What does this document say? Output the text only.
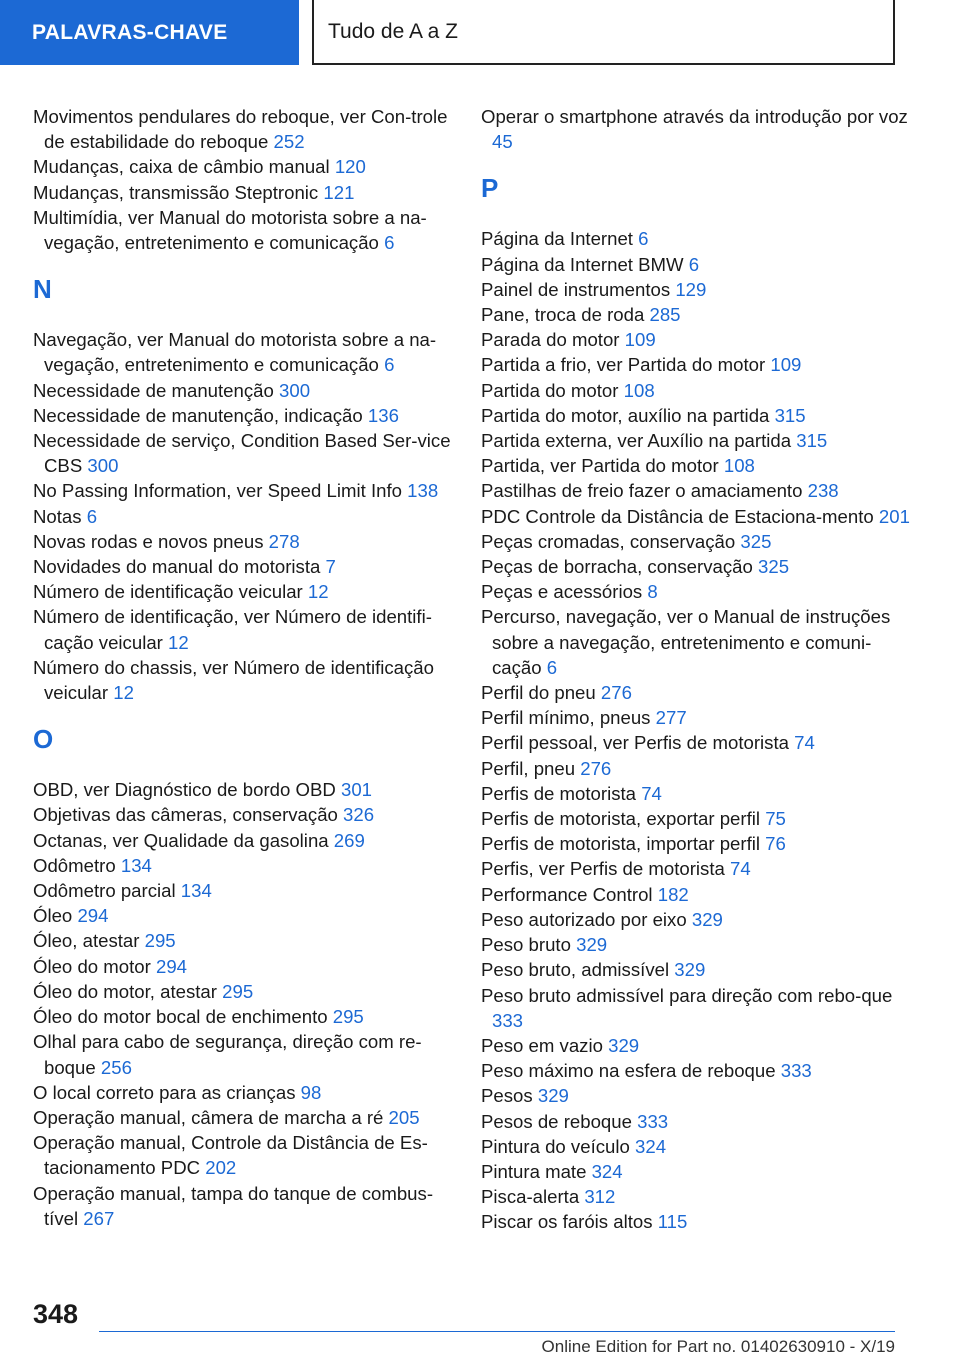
PALAVRAS-CHAVE	Tudo de A a Z
Movimentos pendulares do reboque, ver Con-trole de estabilidade do reboque 252
Mudanças, caixa de câmbio manual 120
Mudanças, transmissão Steptronic 121
Multimídia, ver Manual do motorista sobre a na-vegação, entretenimento e comunicação 6
N
Navegação, ver Manual do motorista sobre a na-vegação, entretenimento e comunicação 6
Necessidade de manutenção 300
Necessidade de manutenção, indicação 136
Necessidade de serviço, Condition Based Ser-vice CBS 300
No Passing Information, ver Speed Limit Info 138
Notas 6
Novas rodas e novos pneus 278
Novidades do manual do motorista 7
Número de identificação veicular 12
Número de identificação, ver Número de identifi-cação veicular 12
Número do chassis, ver Número de identificação veicular 12
O
OBD, ver Diagnóstico de bordo OBD 301
Objetivas das câmeras, conservação 326
Octanas, ver Qualidade da gasolina 269
Odômetro 134
Odômetro parcial 134
Óleo 294
Óleo, atestar 295
Óleo do motor 294
Óleo do motor, atestar 295
Óleo do motor bocal de enchimento 295
Olhal para cabo de segurança, direção com re-boque 256
O local correto para as crianças 98
Operação manual, câmera de marcha a ré 205
Operação manual, Controle da Distância de Es-tacionamento PDC 202
Operação manual, tampa do tanque de combus-tível 267
Operar o smartphone através da introdução por voz 45
P
Página da Internet 6
Página da Internet BMW 6
Painel de instrumentos 129
Pane, troca de roda 285
Parada do motor 109
Partida a frio, ver Partida do motor 109
Partida do motor 108
Partida do motor, auxílio na partida 315
Partida externa, ver Auxílio na partida 315
Partida, ver Partida do motor 108
Pastilhas de freio fazer o amaciamento 238
PDC Controle da Distância de Estaciona-mento 201
Peças cromadas, conservação 325
Peças de borracha, conservação 325
Peças e acessórios 8
Percurso, navegação, ver o Manual de instruções sobre a navegação, entretenimento e comuni-cação 6
Perfil do pneu 276
Perfil mínimo, pneus 277
Perfil pessoal, ver Perfis de motorista 74
Perfil, pneu 276
Perfis de motorista 74
Perfis de motorista, exportar perfil 75
Perfis de motorista, importar perfil 76
Perfis, ver Perfis de motorista 74
Performance Control 182
Peso autorizado por eixo 329
Peso bruto 329
Peso bruto, admissível 329
Peso bruto admissível para direção com rebo-que 333
Peso em vazio 329
Peso máximo na esfera de reboque 333
Pesos 329
Pesos de reboque 333
Pintura do veículo 324
Pintura mate 324
Pisca-alerta 312
Piscar os faróis altos 115
348
Online Edition for Part no. 01402630910 - X/19
